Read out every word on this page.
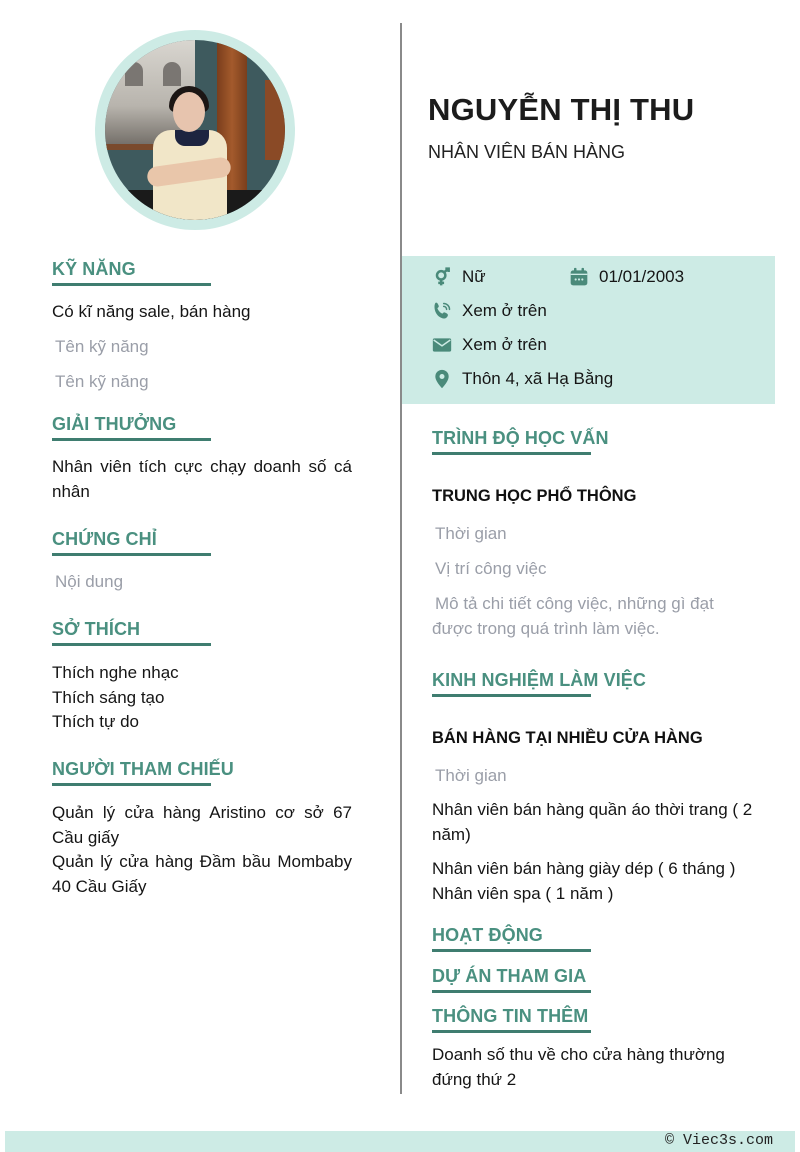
NGUYỄN THỊ THU
NHÂN VIÊN BÁN HÀNG
Nữ	01/01/2003
Xem ở trên
Xem ở trên
Thôn 4, xã Hạ Bằng
KỸ NĂNG
Có kĩ năng sale, bán hàng
Tên kỹ năng
Tên kỹ năng
GIẢI THƯỞNG
Nhân viên tích cực chạy doanh số cá nhân
CHỨNG CHỈ
Nội dung
SỞ THÍCH
Thích nghe nhạc
Thích sáng tạo
Thích tự do
NGƯỜI THAM CHIẾU
Quản lý cửa hàng Aristino cơ sở 67 Cầu giấy
Quản lý cửa hàng Đầm bầu Mombaby 40 Cầu Giấy
TRÌNH ĐỘ HỌC VẤN
TRUNG HỌC PHỔ THÔNG
Thời gian
Vị trí công việc
Mô tả chi tiết công việc, những gì đạt được trong quá trình làm việc.
KINH NGHIỆM LÀM VIỆC
BÁN HÀNG TẠI NHIỀU CỬA HÀNG
Thời gian
Nhân viên bán hàng quần áo thời trang ( 2 năm)
Nhân viên bán hàng giày dép ( 6 tháng )
Nhân viên spa ( 1 năm )
HOẠT ĐỘNG
DỰ ÁN THAM GIA
THÔNG TIN THÊM
Doanh số thu về cho cửa hàng thường đứng thứ 2
© Viec3s.com
